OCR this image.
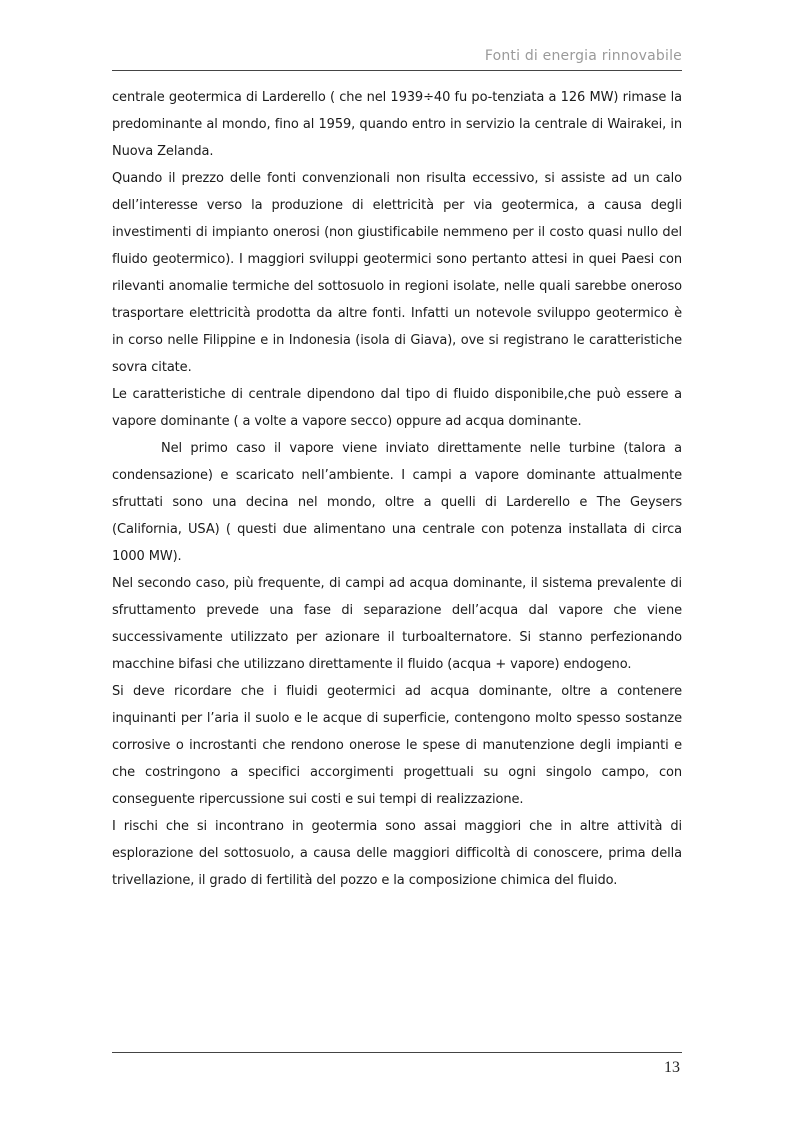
Fonti di energia rinnovabile

centrale geotermica di Larderello ( che nel 1939÷40 fu po-tenziata a 126 MW) rimase la predominante al mondo, fino al 1959, quando entro in servizio la centrale di Wairakei, in Nuova Zelanda.

Quando il prezzo delle fonti convenzionali non risulta eccessivo, si assiste ad un calo dell’interesse verso la produzione di elettricità per via geotermica, a causa degli investimenti di impianto onerosi (non giustificabile nemmeno per il costo quasi nullo del fluido geotermico). I maggiori sviluppi geotermici sono pertanto attesi in quei Paesi con rilevanti anomalie termiche del sottosuolo in regioni isolate, nelle quali sarebbe oneroso trasportare elettricità prodotta da altre fonti. Infatti un notevole sviluppo geotermico è in corso nelle Filippine e in Indonesia (isola di Giava), ove si registrano le caratteristiche sovra citate.

Le caratteristiche di centrale dipendono dal tipo di fluido disponibile,che può essere a vapore dominante ( a volte a vapore secco) oppure ad acqua dominante.

Nel primo caso il vapore viene inviato direttamente nelle turbine (talora a condensazione) e scaricato nell’ambiente. I campi a vapore dominante attualmente sfruttati sono una decina nel mondo, oltre a quelli di Larderello e The Geysers (California, USA) ( questi due alimentano una centrale con potenza installata di circa 1000 MW).

Nel secondo caso, più frequente, di campi ad acqua dominante, il sistema prevalente di sfruttamento prevede una fase di separazione dell’acqua dal vapore che viene successivamente utilizzato per azionare il turboalternatore. Si stanno perfezionando macchine bifasi che utilizzano direttamente il fluido (acqua + vapore) endogeno.

Si deve ricordare che i fluidi geotermici ad acqua dominante, oltre a contenere inquinanti per l’aria il suolo e le acque di superficie, contengono molto spesso sostanze corrosive o incrostanti che rendono onerose le spese di manutenzione degli impianti e che costringono a specifici accorgimenti progettuali su ogni singolo campo, con conseguente ripercussione sui costi e sui tempi di realizzazione.

I rischi che si incontrano in geotermia sono assai maggiori che in altre attività di esplorazione del sottosuolo, a causa delle maggiori difficoltà di conoscere, prima della trivellazione, il grado di fertilità del pozzo e la composizione chimica del fluido.

13
